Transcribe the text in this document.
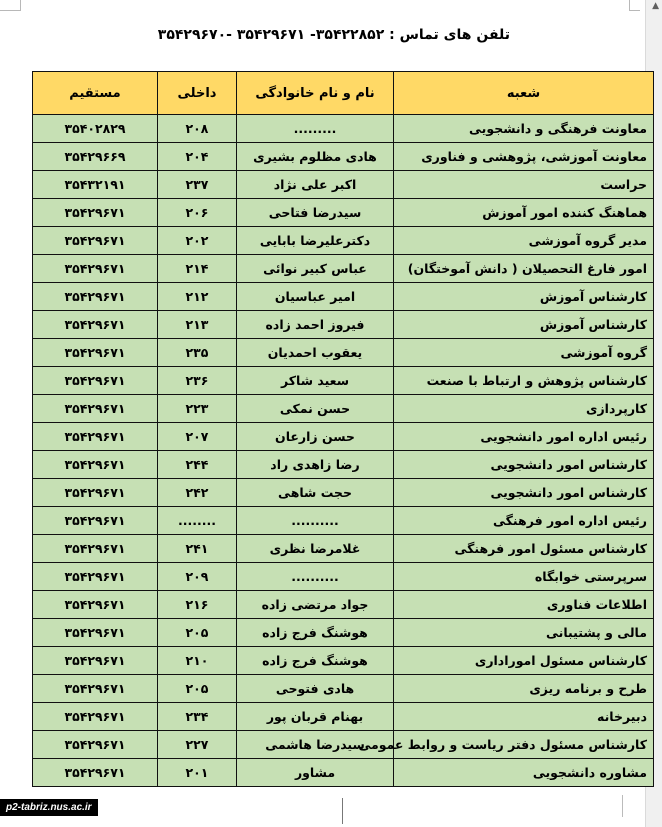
▲
تلفن های تماس : ۳۵۴۲۲۸۵۲- ۳۵۴۲۹۶۷۱ -۳۵۴۲۹۶۷۰
شعبه	نام و نام خانوادگی	داخلی	مستقیم
معاونت فرهنگی و دانشجویی	.........	۲۰۸	۳۵۴۰۲۸۲۹
معاونت آموزشی، پژوهشی و فناوری	هادی مظلوم بشیری	۲۰۴	۳۵۴۲۹۶۶۹
حراست	اکبر علی نژاد	۲۳۷	۳۵۴۳۲۱۹۱
هماهنگ کننده امور آموزش	سیدرضا فتاحی	۲۰۶	۳۵۴۲۹۶۷۱
مدیر گروه آموزشی	دکترعلیرضا بابایی	۲۰۲	۳۵۴۲۹۶۷۱
امور فارغ التحصیلان ( دانش آموختگان)	عباس کبیر نوائی	۲۱۴	۳۵۴۲۹۶۷۱
کارشناس آموزش	امیر عباسیان	۲۱۲	۳۵۴۲۹۶۷۱
کارشناس آموزش	فیروز احمد زاده	۲۱۳	۳۵۴۲۹۶۷۱
گروه آموزشی	یعقوب احمدیان	۲۳۵	۳۵۴۲۹۶۷۱
کارشناس پژوهش و ارتباط با صنعت	سعید شاکر	۲۳۶	۳۵۴۲۹۶۷۱
کارپردازی	حسن نمکی	۲۲۳	۳۵۴۲۹۶۷۱
رئیس اداره امور دانشجویی	حسن زارعان	۲۰۷	۳۵۴۲۹۶۷۱
کارشناس امور دانشجویی	رضا زاهدی راد	۲۴۴	۳۵۴۲۹۶۷۱
کارشناس امور دانشجویی	حجت شاهی	۲۴۲	۳۵۴۲۹۶۷۱
رئیس اداره امور فرهنگی	..........	........	۳۵۴۲۹۶۷۱
کارشناس مسئول امور فرهنگی	غلامرضا نظری	۲۴۱	۳۵۴۲۹۶۷۱
سرپرستی خوابگاه	..........	۲۰۹	۳۵۴۲۹۶۷۱
اطلاعات فناوری	جواد مرتضی زاده	۲۱۶	۳۵۴۲۹۶۷۱
مالی و پشتیبانی	هوشنگ فرج زاده	۲۰۵	۳۵۴۲۹۶۷۱
کارشناس مسئول اموراداری	هوشنگ فرج زاده	۲۱۰	۳۵۴۲۹۶۷۱
طرح و برنامه ریزی	هادی فتوحی	۲۰۵	۳۵۴۲۹۶۷۱
دبیرخانه	بهنام قربان پور	۲۳۴	۳۵۴۲۹۶۷۱
کارشناس مسئول دفتر ریاست و روابط عمومی	سیدرضا هاشمی	۲۲۷	۳۵۴۲۹۶۷۱
مشاوره دانشجویی	مشاور	۲۰۱	۳۵۴۲۹۶۷۱
p2-tabriz.nus.ac.ir
